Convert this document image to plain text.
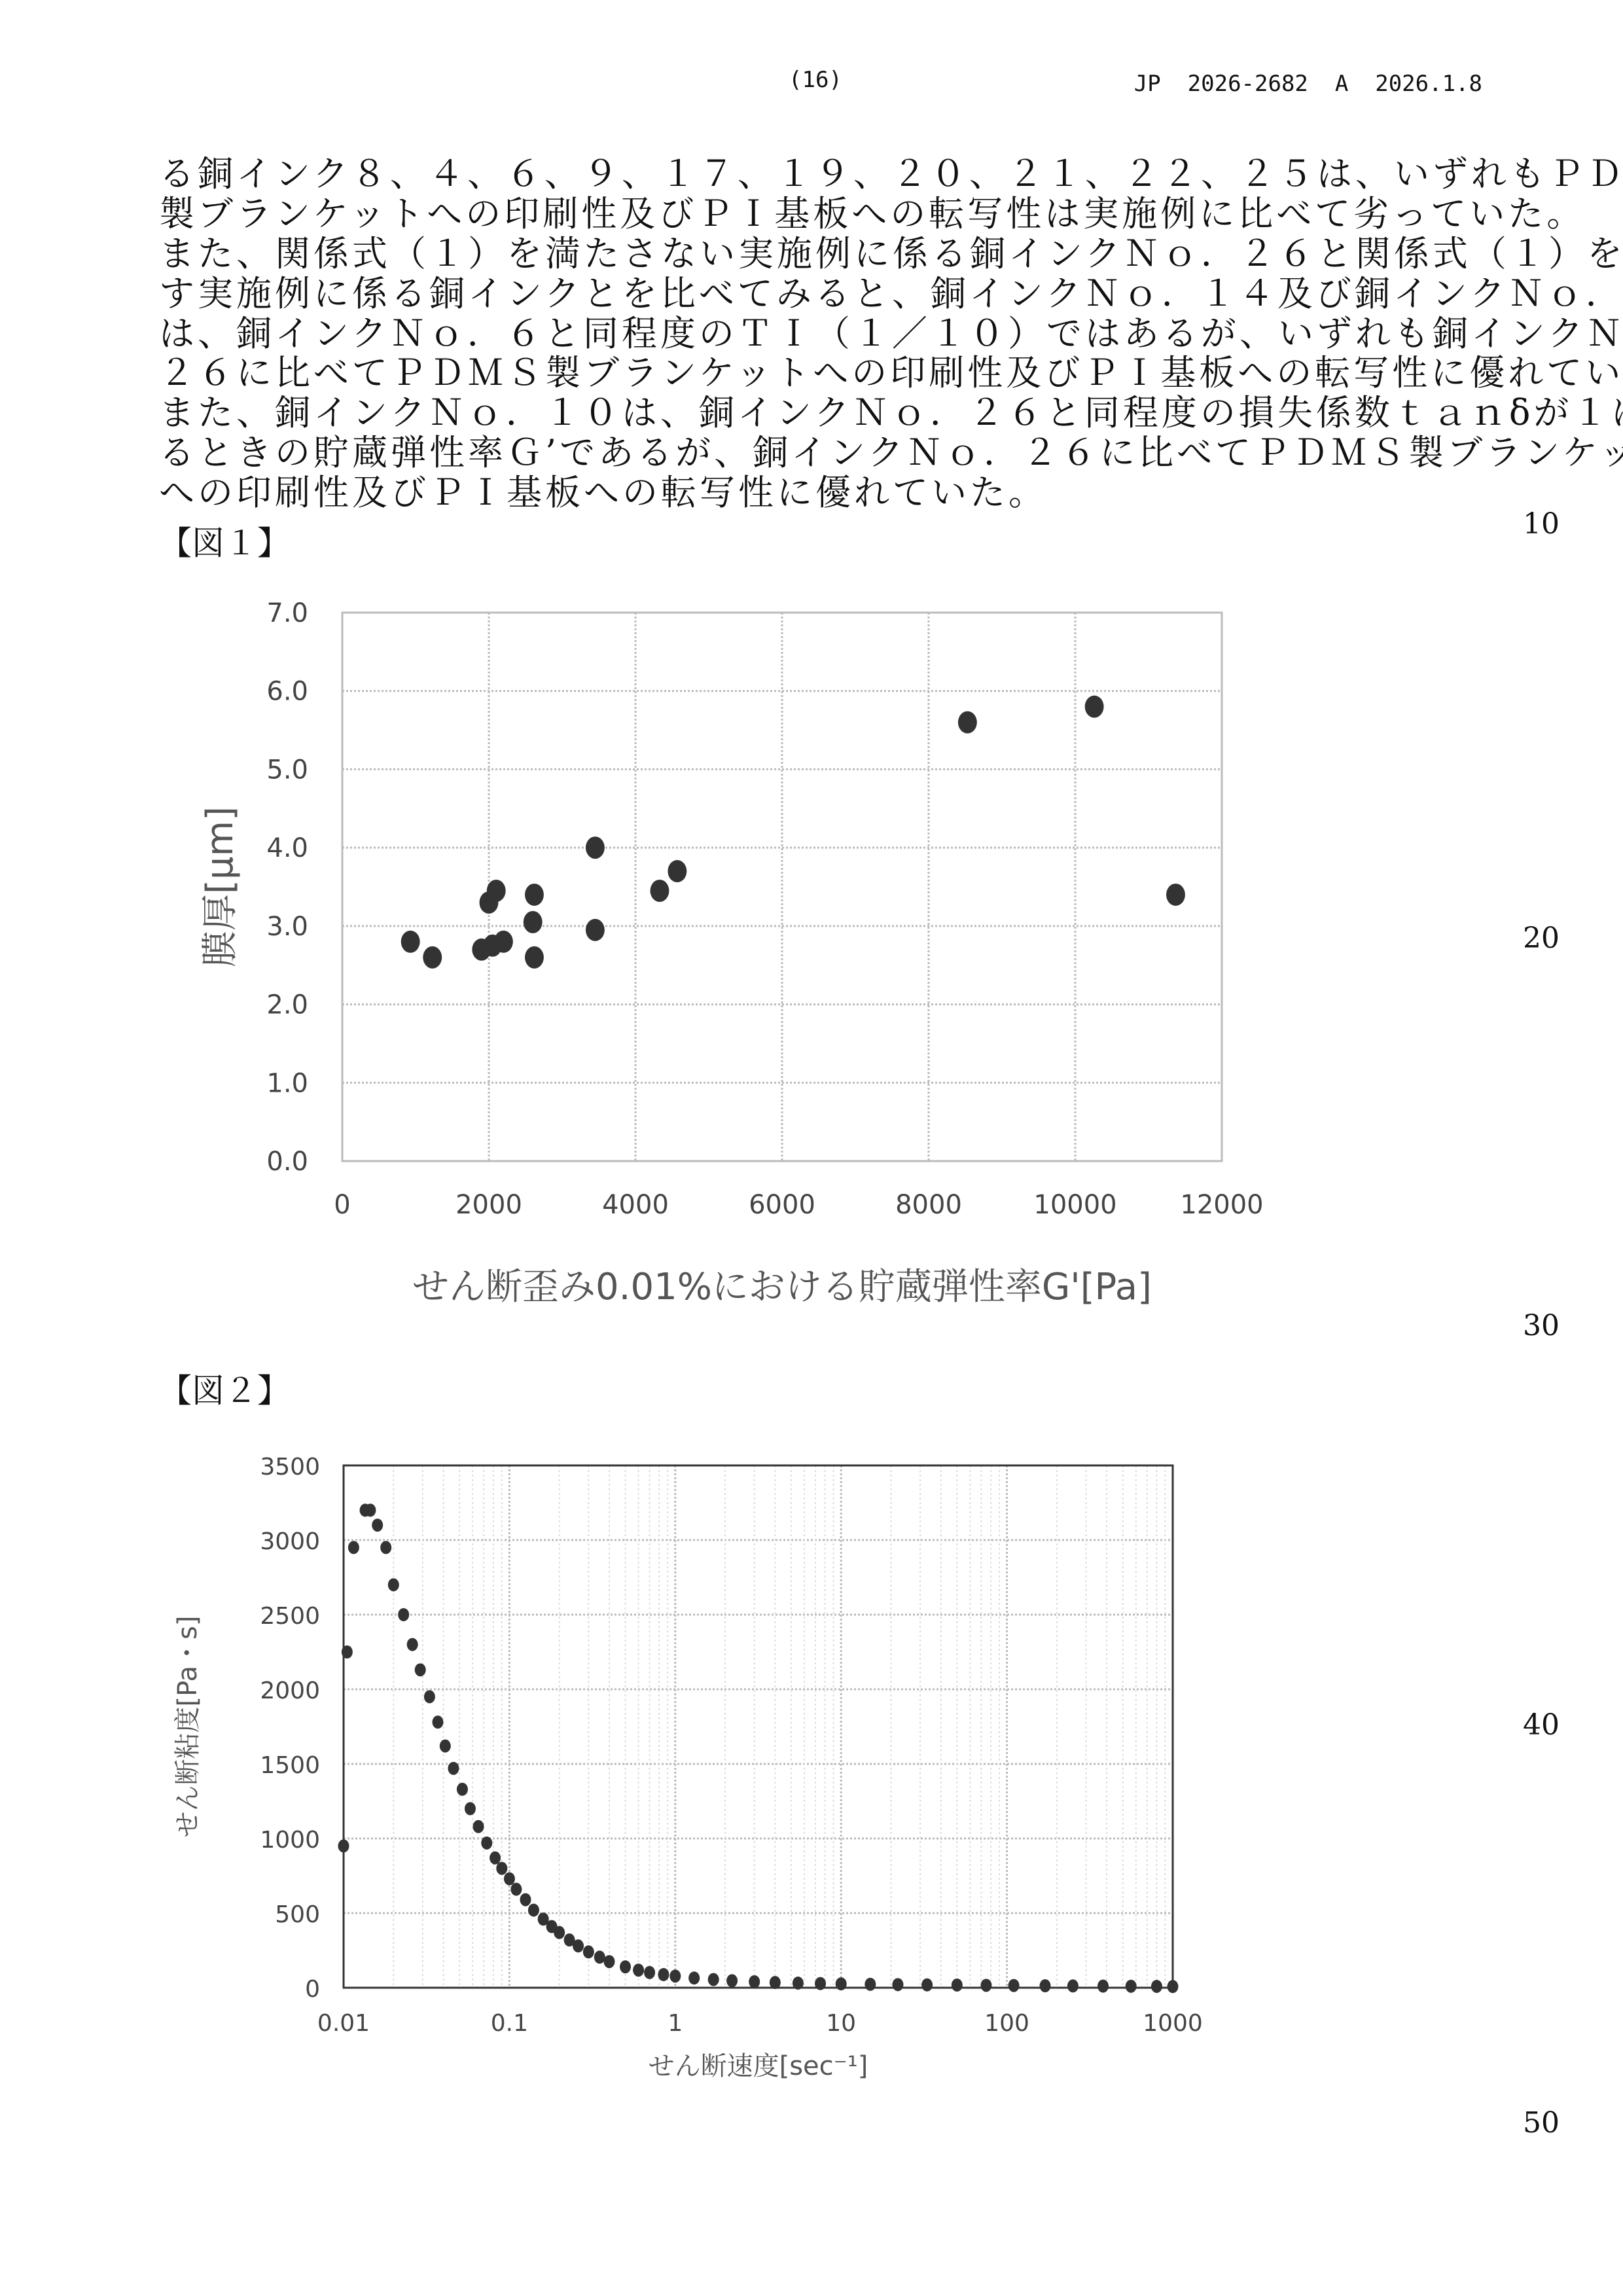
(16)	JP  2026-2682  A  2026.1.8
る銅インク８、４、６、９、１７、１９、２０、２１、２２、２５は、いずれもＰＤＭＳ
製ブランケットへの印刷性及びＰＩ基板への転写性は実施例に比べて劣っていた。
また、関係式（１）を満たさない実施例に係る銅インクＮｏ．２６と関係式（１）を満た
す実施例に係る銅インクとを比べてみると、銅インクＮｏ．１４及び銅インクＮｏ．２７
は、銅インクＮｏ．６と同程度のＴＩ（１／１０）ではあるが、いずれも銅インクＮｏ．
２６に比べてＰＤＭＳ製ブランケットへの印刷性及びＰＩ基板への転写性に優れていた。
また、銅インクＮｏ．１０は、銅インクＮｏ．２６と同程度の損失係数ｔａｎδが１にな
るときの貯蔵弾性率Ｇ’であるが、銅インクＮｏ．２６に比べてＰＤＭＳ製ブランケット
への印刷性及びＰＩ基板への転写性に優れていた。
【図１】
【図２】
10
20
30
40
50
0.0
1.0
2.0
3.0
4.0
5.0
6.0
7.0
0	2000	4000	6000	8000	10000 12000
せん断歪み0.01%における貯蔵弾性率G'[Pa]
膜厚[μm]
0
500
1000
1500
2000
2500
3000
3500
0.01	0.1	1	10	100	1000
せん断速度[sec⁻¹]
せん断粘度[Pa・s]
